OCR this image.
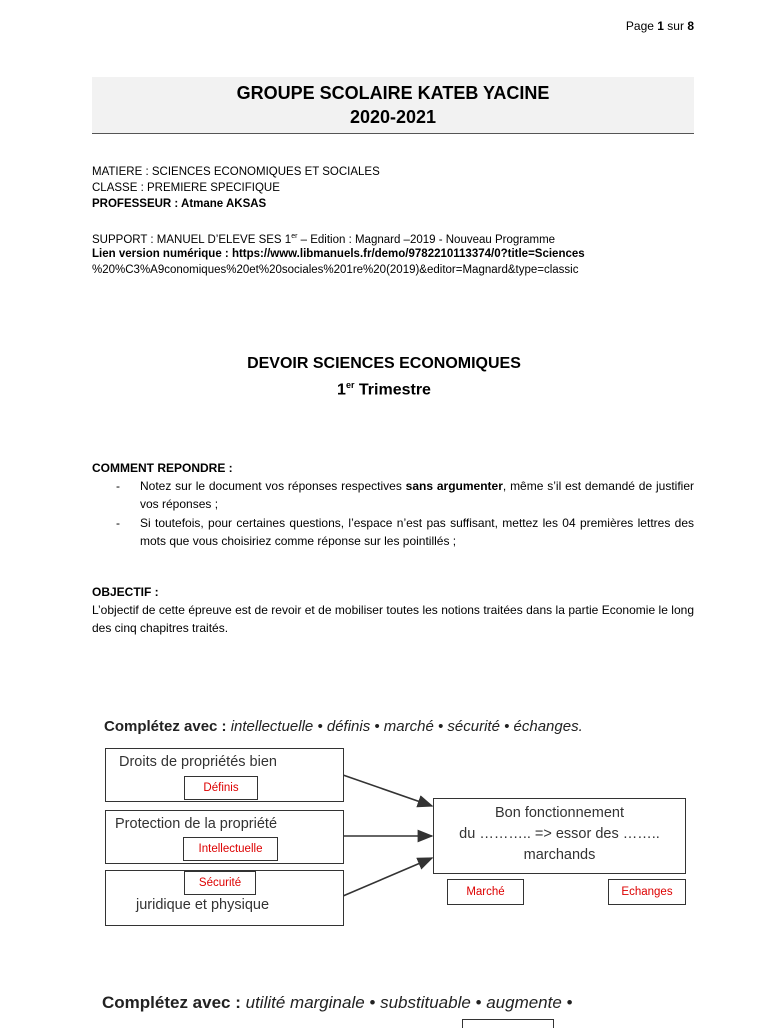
Page 1 sur 8
GROUPE SCOLAIRE KATEB YACINE
2020-2021
MATIERE : SCIENCES ECONOMIQUES ET SOCIALES
CLASSE : PREMIERE SPECIFIQUE
PROFESSEUR : Atmane AKSAS
SUPPORT : MANUEL D’ELEVE SES 1er – Edition : Magnard –2019 - Nouveau Programme
Lien version numérique : https://www.libmanuels.fr/demo/9782210113374/0?title=Sciences
%20%C3%A9conomiques%20et%20sociales%201re%20(2019)&editor=Magnard&type=classic
DEVOIR SCIENCES ECONOMIQUES
1er Trimestre
COMMENT REPONDRE :
- Notez sur le document vos réponses respectives sans argumenter, même s’il est demandé de justifier vos réponses ;
- Si toutefois, pour certaines questions, l’espace n’est pas suffisant, mettez les 04 premières lettres des mots que vous choisiriez comme réponse sur les pointillés ;
OBJECTIF :
L’objectif de cette épreuve est de revoir et de mobiliser toutes les notions traitées dans la partie Economie le long des cinq chapitres traités.
Complétez avec : intellectuelle • définis • marché • sécurité • échanges.
Droits de propriétés bien
Protection de la propriété
juridique et physique
Bon fonctionnement
du ……….. => essor des ……..
marchands
Définis
Intellectuelle
Sécurité
Marché	Echanges
Complétez avec : utilité marginale • substituable • augmente •
